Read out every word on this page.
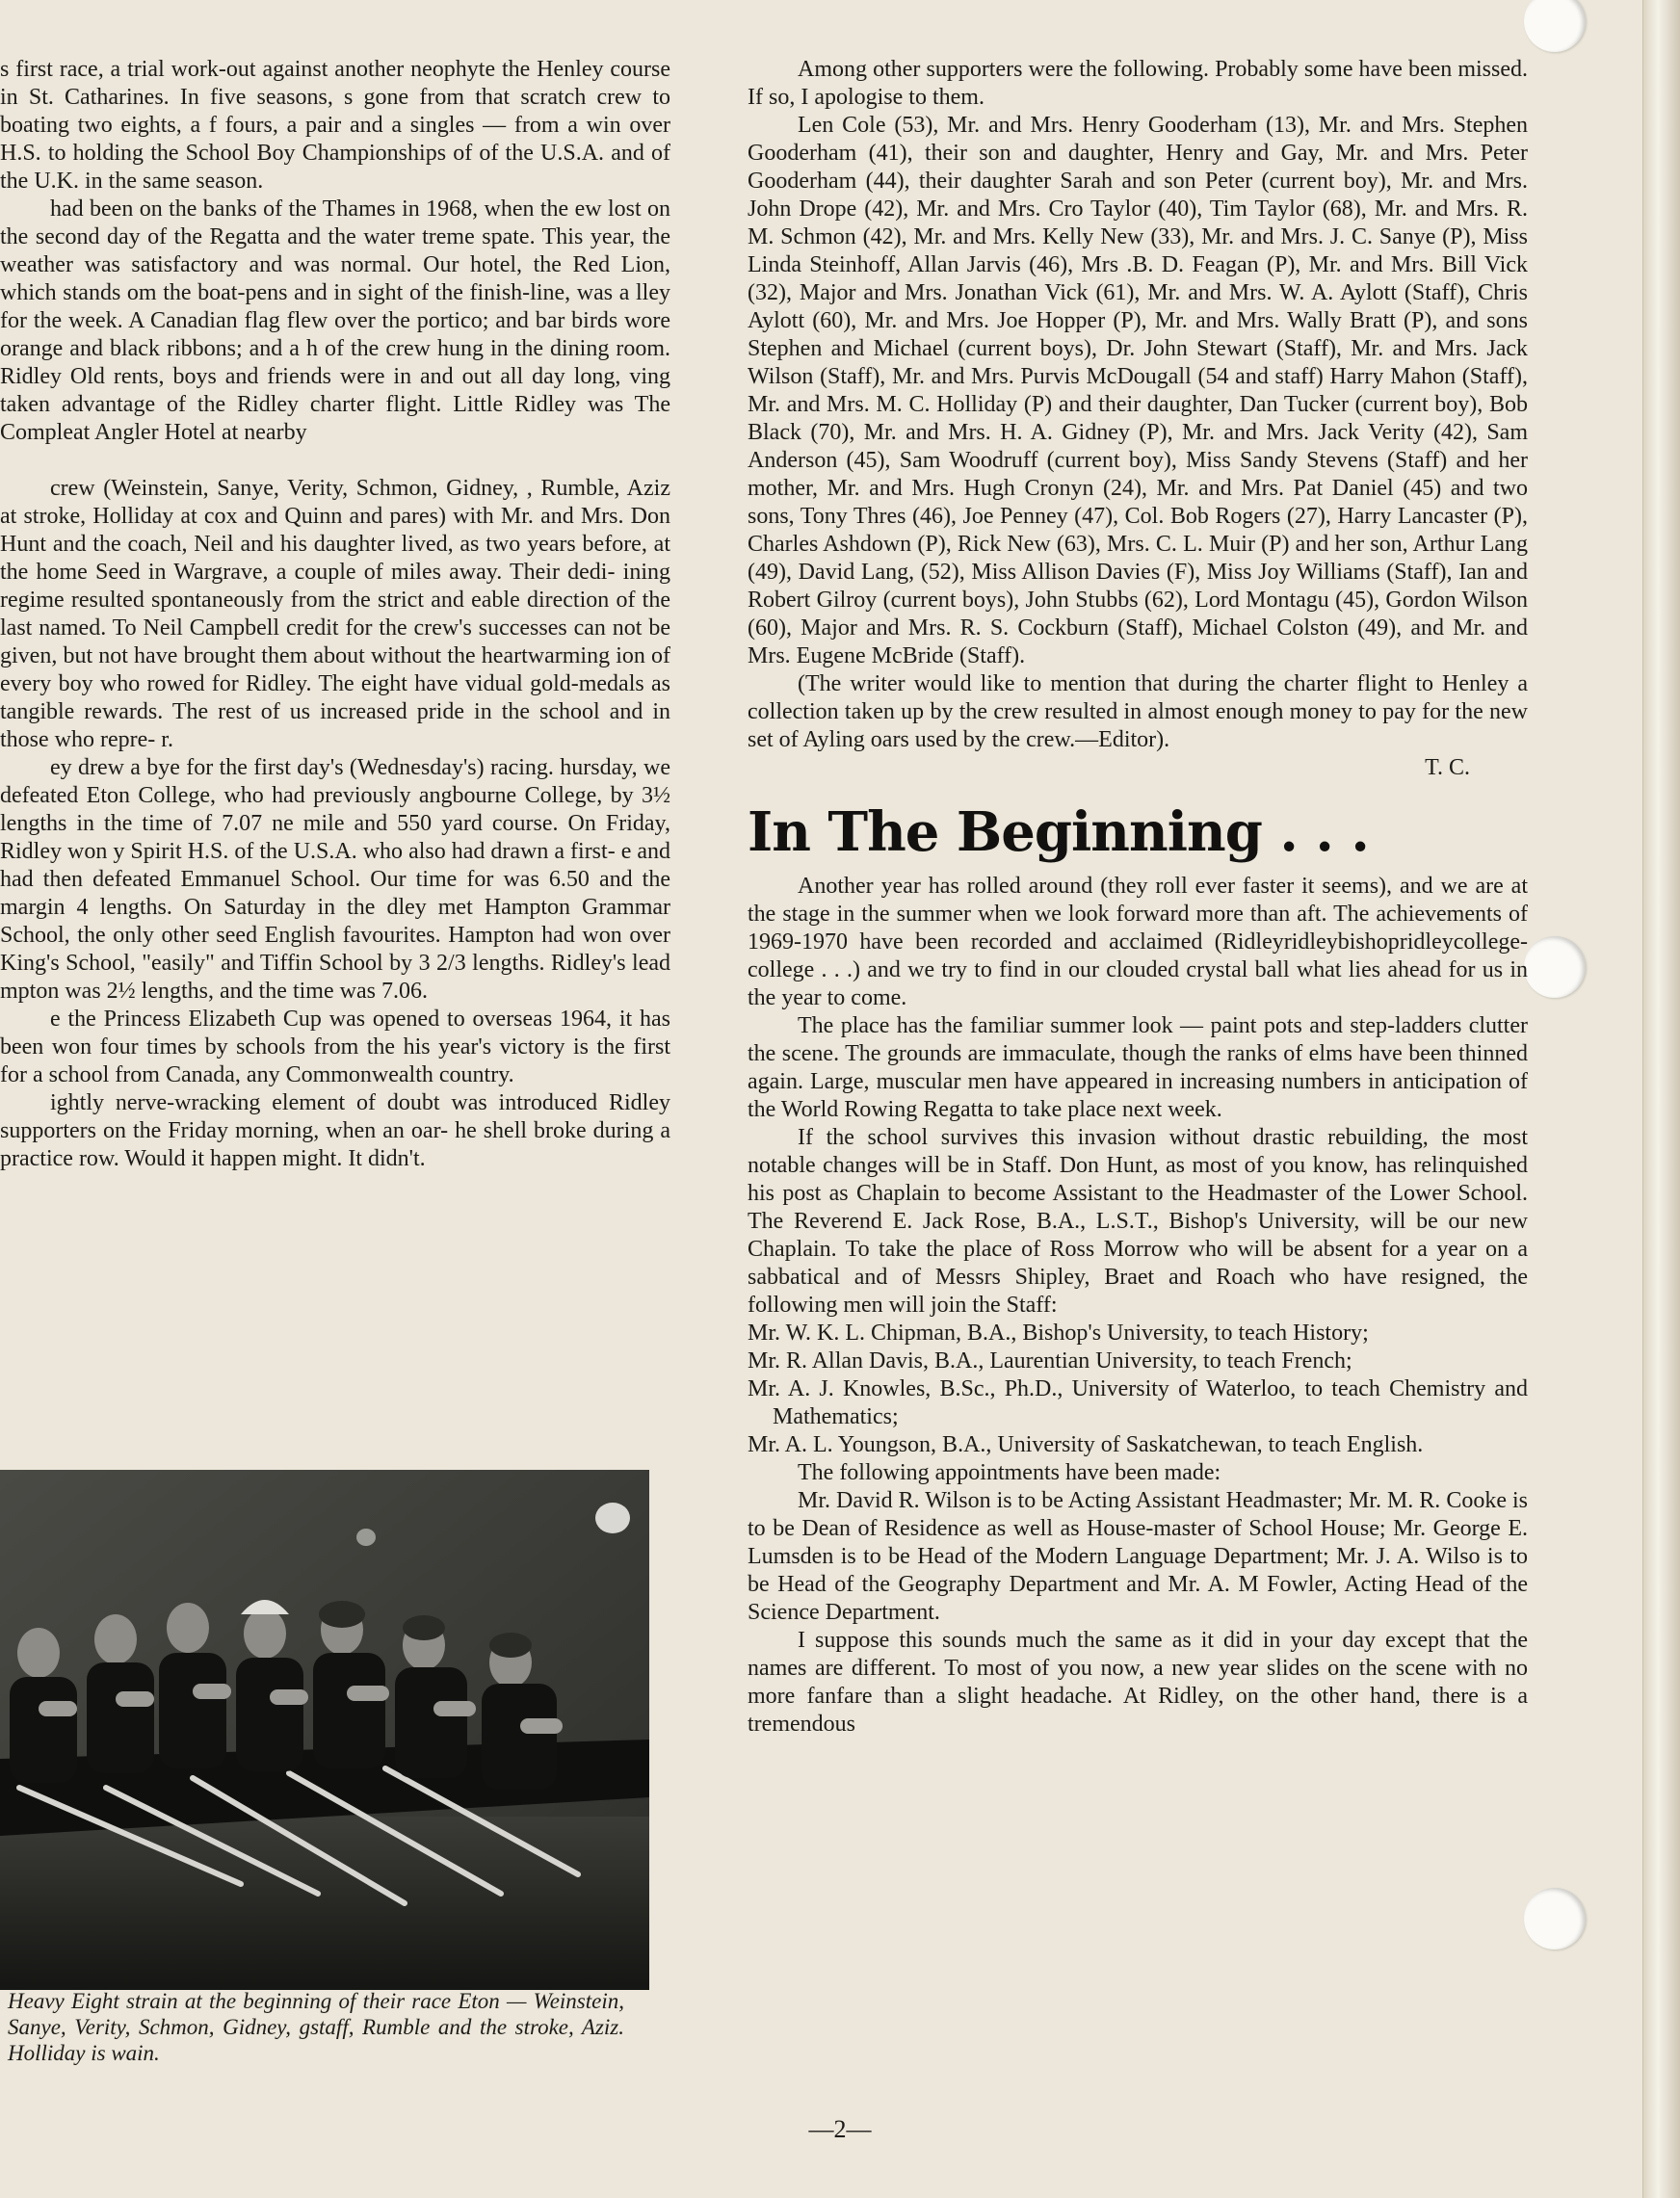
s first race, a trial work-out against another neophyte the Henley course in St. Catharines. In five seasons, s gone from that scratch crew to boating two eights, a f fours, a pair and a singles — from a win over H.S. to holding the School Boy Championships of of the U.S.A. and of the U.K. in the same season.

had been on the banks of the Thames in 1968, when the ew lost on the second day of the Regatta and the water treme spate. This year, the weather was satisfactory and was normal. Our hotel, the Red Lion, which stands om the boat-pens and in sight of the finish-line, was a lley for the week. A Canadian flag flew over the portico; and bar birds wore orange and black ribbons; and a h of the crew hung in the dining room. Ridley Old rents, boys and friends were in and out all day long, ving taken advantage of the Ridley charter flight. Little Ridley was The Compleat Angler Hotel at nearby

crew (Weinstein, Sanye, Verity, Schmon, Gidney, , Rumble, Aziz at stroke, Holliday at cox and Quinn and pares) with Mr. and Mrs. Don Hunt and the coach, Neil and his daughter lived, as two years before, at the home Seed in Wargrave, a couple of miles away. Their dedi- ining regime resulted spontaneously from the strict and eable direction of the last named. To Neil Campbell credit for the crew's successes can not be given, but not have brought them about without the heartwarming ion of every boy who rowed for Ridley. The eight have vidual gold-medals as tangible rewards. The rest of us increased pride in the school and in those who repre- r.

ey drew a bye for the first day's (Wednesday's) racing. hursday, we defeated Eton College, who had previously angbourne College, by 3½ lengths in the time of 7.07 ne mile and 550 yard course. On Friday, Ridley won y Spirit H.S. of the U.S.A. who also had drawn a first- e and had then defeated Emmanuel School. Our time for was 6.50 and the margin 4 lengths. On Saturday in the dley met Hampton Grammar School, the only other seed English favourites. Hampton had won over King's School, "easily" and Tiffin School by 3 2/3 lengths. Ridley's lead mpton was 2½ lengths, and the time was 7.06.

e the Princess Elizabeth Cup was opened to overseas 1964, it has been won four times by schools from the his year's victory is the first for a school from Canada, any Commonwealth country.

ightly nerve-wracking element of doubt was introduced Ridley supporters on the Friday morning, when an oar- he shell broke during a practice row. Would it happen might. It didn't.

Heavy Eight strain at the beginning of their race Eton — Weinstein, Sanye, Verity, Schmon, Gidney, gstaff, Rumble and the stroke, Aziz. Holliday is wain.

Among other supporters were the following. Probably some have been missed. If so, I apologise to them.

Len Cole (53), Mr. and Mrs. Henry Gooderham (13), Mr. and Mrs. Stephen Gooderham (41), their son and daughter, Henry and Gay, Mr. and Mrs. Peter Gooderham (44), their daughter Sarah and son Peter (current boy), Mr. and Mrs. John Drope (42), Mr. and Mrs. Cro Taylor (40), Tim Taylor (68), Mr. and Mrs. R. M. Schmon (42), Mr. and Mrs. Kelly New (33), Mr. and Mrs. J. C. Sanye (P), Miss Linda Steinhoff, Allan Jarvis (46), Mrs .B. D. Feagan (P), Mr. and Mrs. Bill Vick (32), Major and Mrs. Jonathan Vick (61), Mr. and Mrs. W. A. Aylott (Staff), Chris Aylott (60), Mr. and Mrs. Joe Hopper (P), Mr. and Mrs. Wally Bratt (P), and sons Stephen and Michael (current boys), Dr. John Stewart (Staff), Mr. and Mrs. Jack Wilson (Staff), Mr. and Mrs. Purvis McDougall (54 and staff) Harry Mahon (Staff), Mr. and Mrs. M. C. Holliday (P) and their daughter, Dan Tucker (current boy), Bob Black (70), Mr. and Mrs. H. A. Gidney (P), Mr. and Mrs. Jack Verity (42), Sam Anderson (45), Sam Woodruff (current boy), Miss Sandy Stevens (Staff) and her mother, Mr. and Mrs. Hugh Cronyn (24), Mr. and Mrs. Pat Daniel (45) and two sons, Tony Thres (46), Joe Penney (47), Col. Bob Rogers (27), Harry Lancaster (P), Charles Ashdown (P), Rick New (63), Mrs. C. L. Muir (P) and her son, Arthur Lang (49), David Lang, (52), Miss Allison Davies (F), Miss Joy Williams (Staff), Ian and Robert Gilroy (current boys), John Stubbs (62), Lord Montagu (45), Gordon Wilson (60), Major and Mrs. R. S. Cockburn (Staff), Michael Colston (49), and Mr. and Mrs. Eugene McBride (Staff).

(The writer would like to mention that during the charter flight to Henley a collection taken up by the crew resulted in almost enough money to pay for the new set of Ayling oars used by the crew.—Editor).

T. C.

In The Beginning . . .

Another year has rolled around (they roll ever faster it seems), and we are at the stage in the summer when we look forward more than aft. The achievements of 1969-1970 have been recorded and acclaimed (Ridleyridleybishopridleycollege-college . . .) and we try to find in our clouded crystal ball what lies ahead for us in the year to come.

The place has the familiar summer look — paint pots and step-ladders clutter the scene. The grounds are immaculate, though the ranks of elms have been thinned again. Large, muscular men have appeared in increasing numbers in anticipation of the World Rowing Regatta to take place next week.

If the school survives this invasion without drastic rebuilding, the most notable changes will be in Staff. Don Hunt, as most of you know, has relinquished his post as Chaplain to become Assistant to the Headmaster of the Lower School. The Reverend E. Jack Rose, B.A., L.S.T., Bishop's University, will be our new Chaplain. To take the place of Ross Morrow who will be absent for a year on a sabbatical and of Messrs Shipley, Braet and Roach who have resigned, the following men will join the Staff:

Mr. W. K. L. Chipman, B.A., Bishop's University, to teach History;

Mr. R. Allan Davis, B.A., Laurentian University, to teach French;

Mr. A. J. Knowles, B.Sc., Ph.D., University of Waterloo, to teach Chemistry and Mathematics;

Mr. A. L. Youngson, B.A., University of Saskatchewan, to teach English.

The following appointments have been made:

Mr. David R. Wilson is to be Acting Assistant Headmaster; Mr. M. R. Cooke is to be Dean of Residence as well as House-master of School House; Mr. George E. Lumsden is to be Head of the Modern Language Department; Mr. J. A. Wilso is to be Head of the Geography Department and Mr. A. M Fowler, Acting Head of the Science Department.

I suppose this sounds much the same as it did in your day except that the names are different. To most of you now, a new year slides on the scene with no more fanfare than a slight headache. At Ridley, on the other hand, there is a tremendous

—2—
